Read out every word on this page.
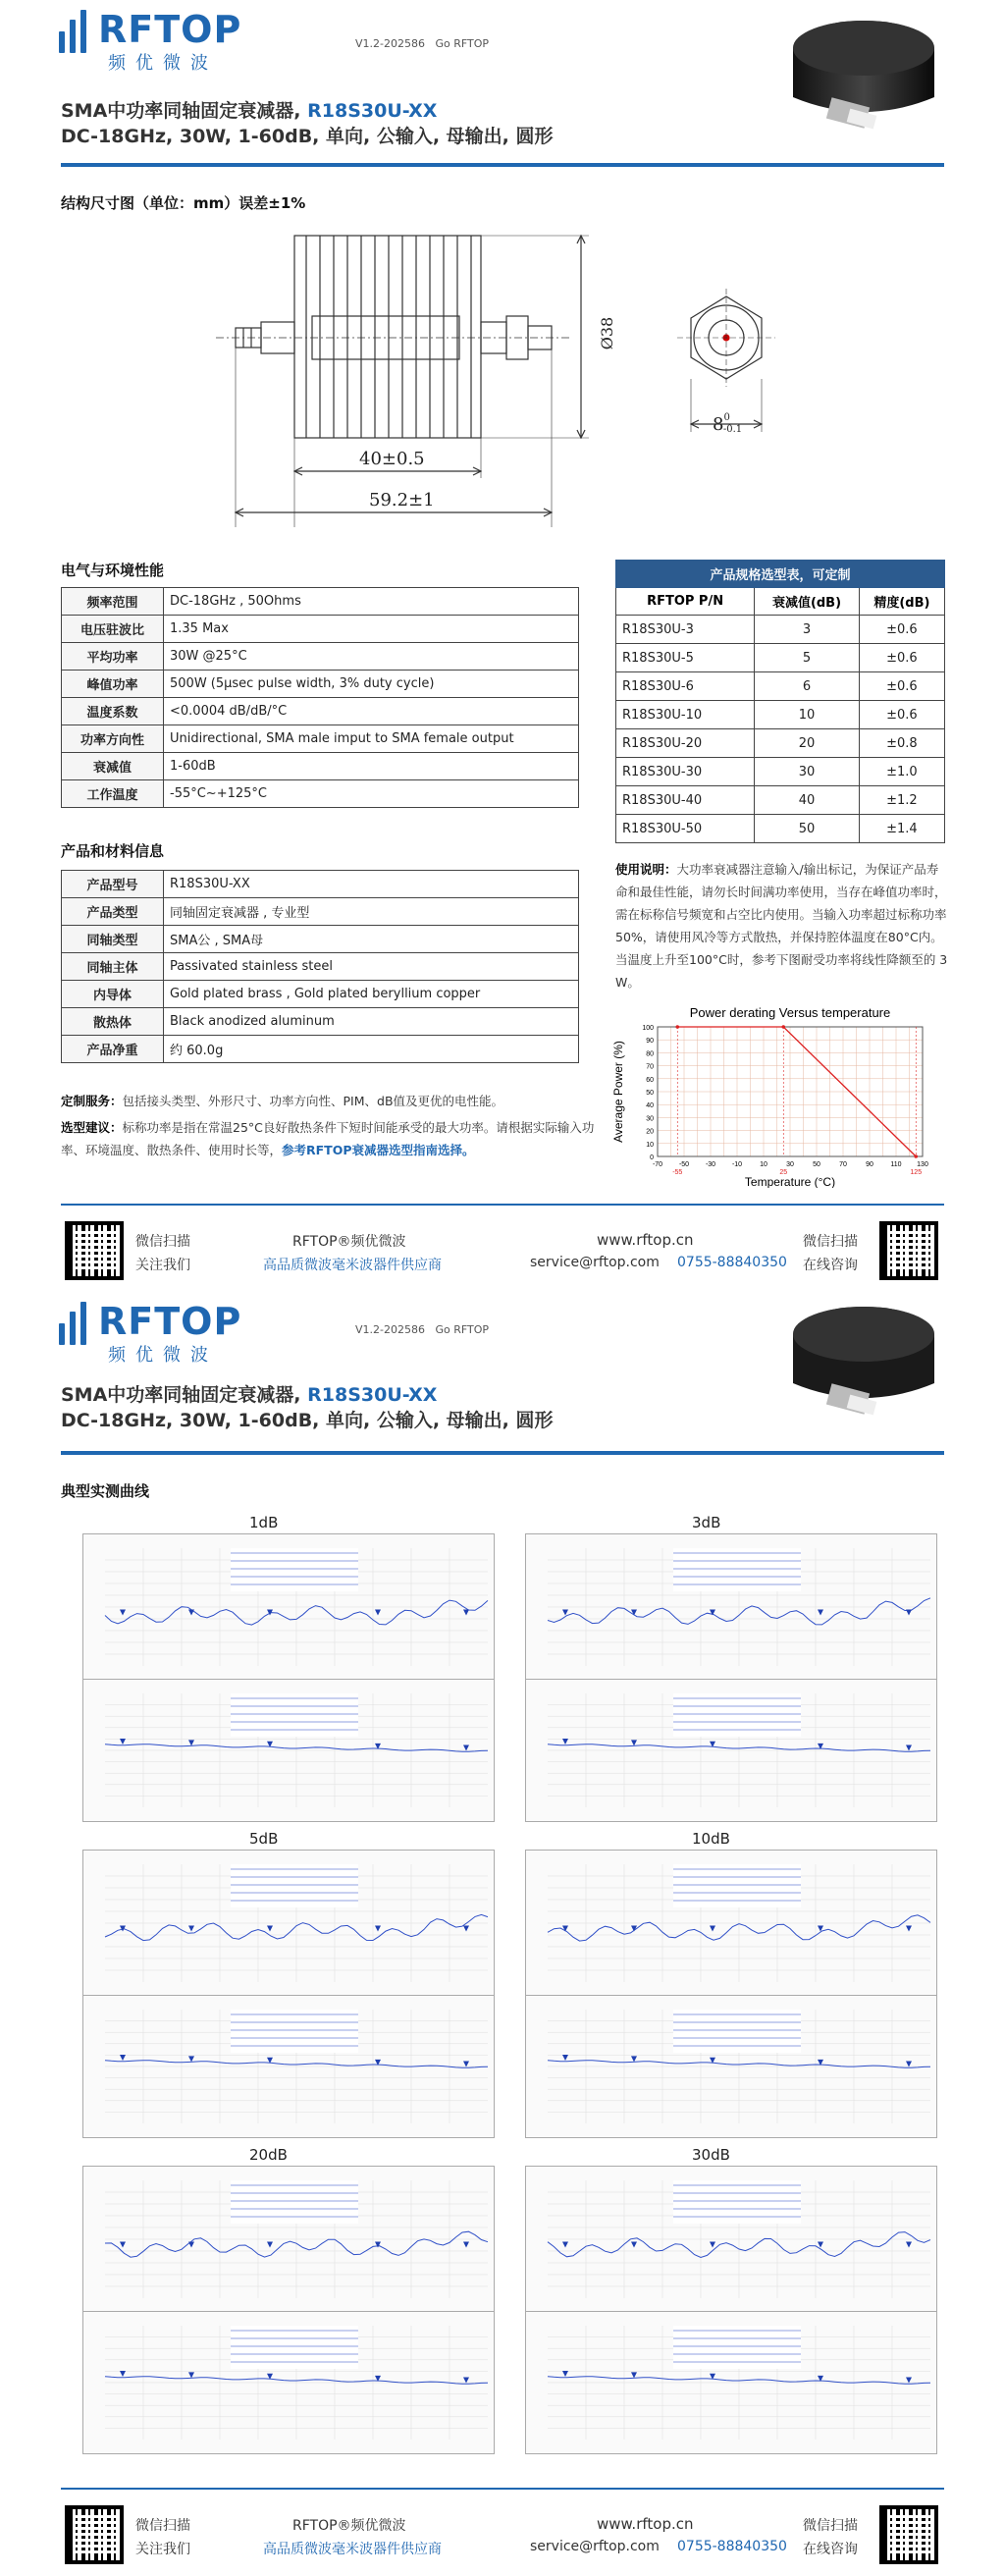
RFTOP
频优微波
V1.2-202586 Go RFTOP
SMA中功率同轴固定衰减器, R18S30U-XX
DC-18GHz, 30W, 1-60dB, 单向, 公输入, 母输出, 圆形
结构尺寸图（单位：mm）误差±1%
Ø38
40±0.5
59.2±1
$8^0-0.1$
电气与环境性能
频率范围	DC-18GHz , 50Ohms
电压驻波比	1.35 Max
平均功率	30W @25°C
峰值功率	500W (5µsec pulse width, 3% duty cycle)
温度系数	<0.0004 dB/dB/°C
功率方向性	Unidirectional, SMA male imput to SMA female output
衰减值	1-60dB
工作温度	-55°C~+125°C
产品和材料信息
产品型号	R18S30U-XX
产品类型	同轴固定衰减器 , 专业型
同轴类型	SMA公 , SMA母
同轴主体	Passivated stainless steel
内导体	Gold plated brass , Gold plated beryllium copper
散热体	Black anodized aluminum
产品净重	约 60.0g
产品规格选型表，可定制		
RFTOP P/N	衰减值(dB)	精度(dB)
R18S30U-3	3	±0.6
R18S30U-5	5	±0.6
R18S30U-6	6	±0.6
R18S30U-10	10	±0.6
R18S30U-20	20	±0.8
R18S30U-30	30	±1.0
R18S30U-40	40	±1.2
R18S30U-50	50	±1.4
使用说明：大功率衰减器注意输入/输出标记，为保证产品寿命和最佳性能，请勿长时间满功率使用，当存在峰值功率时，需在标称信号频宽和占空比内使用。当输入功率超过标称功率50%，请使用风冷等方式散热，并保持腔体温度在80°C内。当温度上升至100°C时，参考下图耐受功率将线性降额至的 3 W。
Power derating Versus temperature
100
90
80
70
60
50
40
30
20
10
0
-70 -50 -30 -10	10	30	50	70	90	110 130
-55	25	125
Temperature (°C)
Average Power (%)
定制服务：包括接头类型、外形尺寸、功率方向性、PIM、dB值及更优的电性能。
选型建议：标称功率是指在常温25°C良好散热条件下短时间能承受的最大功率。请根据实际输入功率、环境温度、散热条件、使用时长等，参考RFTOP衰减器选型指南选择。
微信扫描
关注我们
RFTOP®频优微波
高品质微波毫米波器件供应商
www.rftop.cn
service@rftop.com 0755-88840350
微信扫描
在线咨询
RFTOP
频优微波
V1.2-202586 Go RFTOP
SMA中功率同轴固定衰减器, R18S30U-XX
DC-18GHz, 30W, 1-60dB, 单向, 公输入, 母输出, 圆形
典型实测曲线
1dB	3dB
5dB	10dB
20dB	30dB
微信扫描
关注我们
RFTOP®频优微波
高品质微波毫米波器件供应商
www.rftop.cn
service@rftop.com 0755-88840350
微信扫描
在线咨询
